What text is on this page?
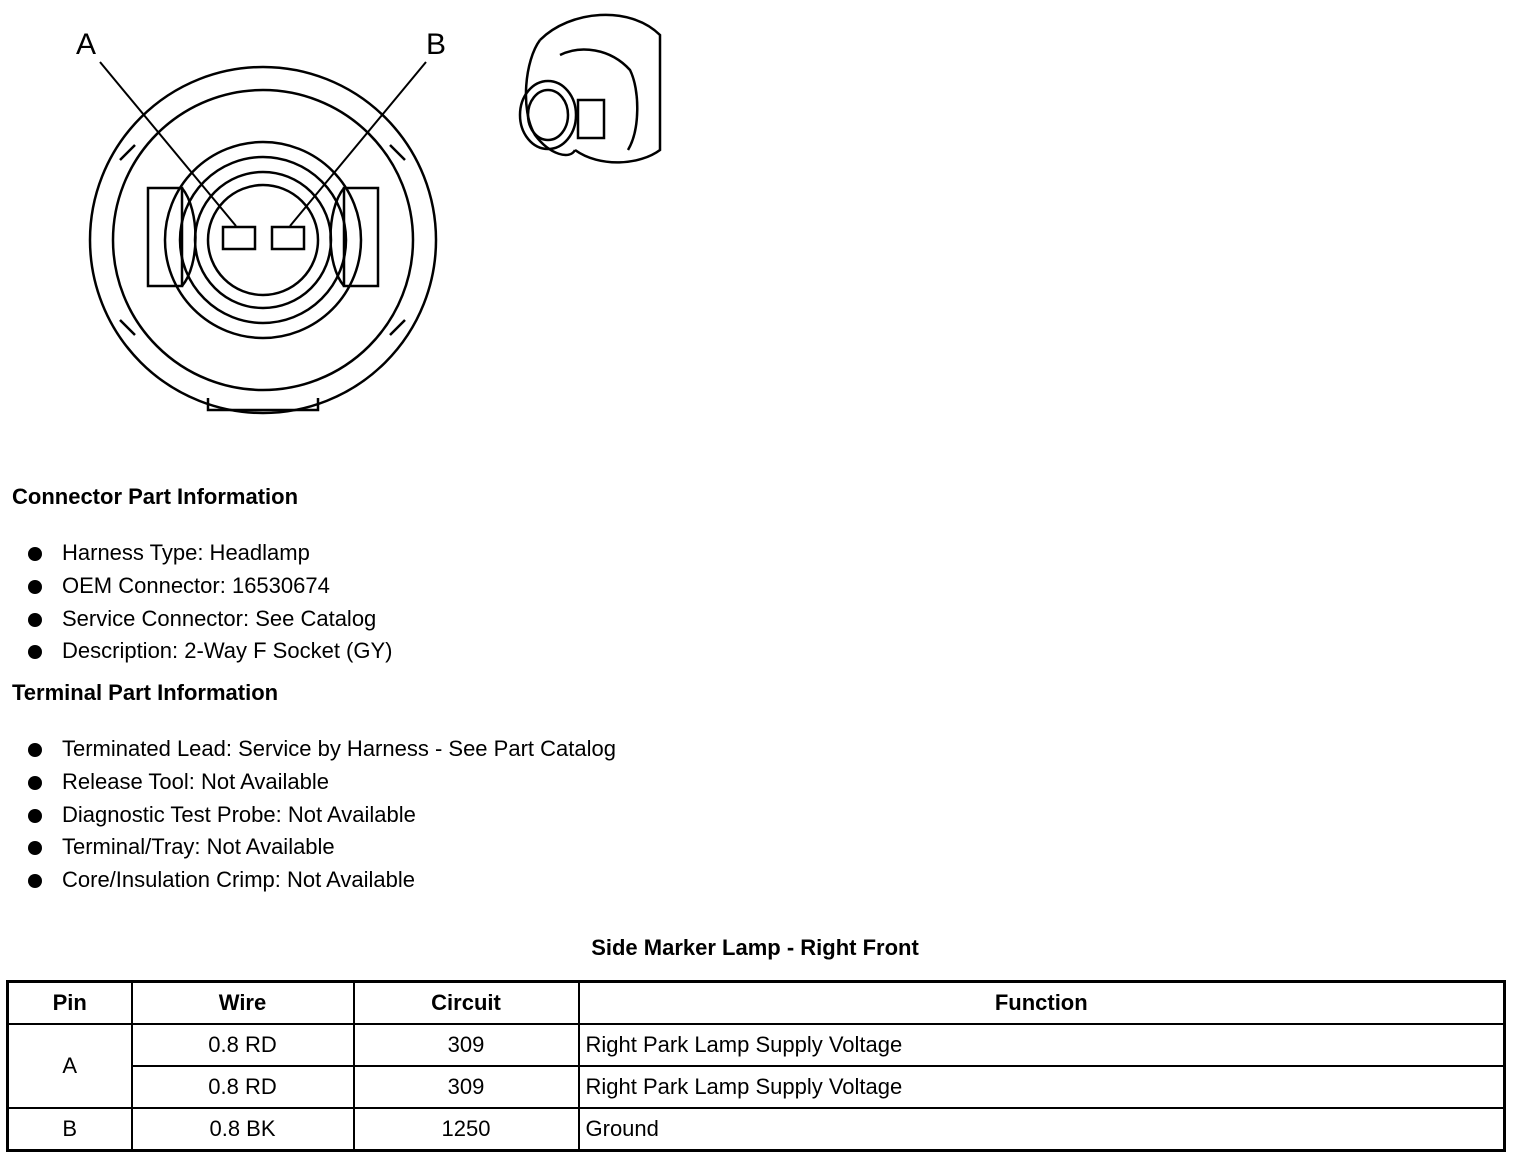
A	B
Connector Part Information
Harness Type: Headlamp
OEM Connector: 16530674
Service Connector: See Catalog
Description: 2-Way F Socket (GY)
Terminal Part Information
Terminated Lead: Service by Harness - See Part Catalog
Release Tool: Not Available
Diagnostic Test Probe: Not Available
Terminal/Tray: Not Available
Core/Insulation Crimp: Not Available
Side Marker Lamp - Right Front
Pin	Wire	Circuit	Function
A	0.8 RD	309	Right Park Lamp Supply Voltage
	0.8 RD	309	Right Park Lamp Supply Voltage
B	0.8 BK	1250	Ground
